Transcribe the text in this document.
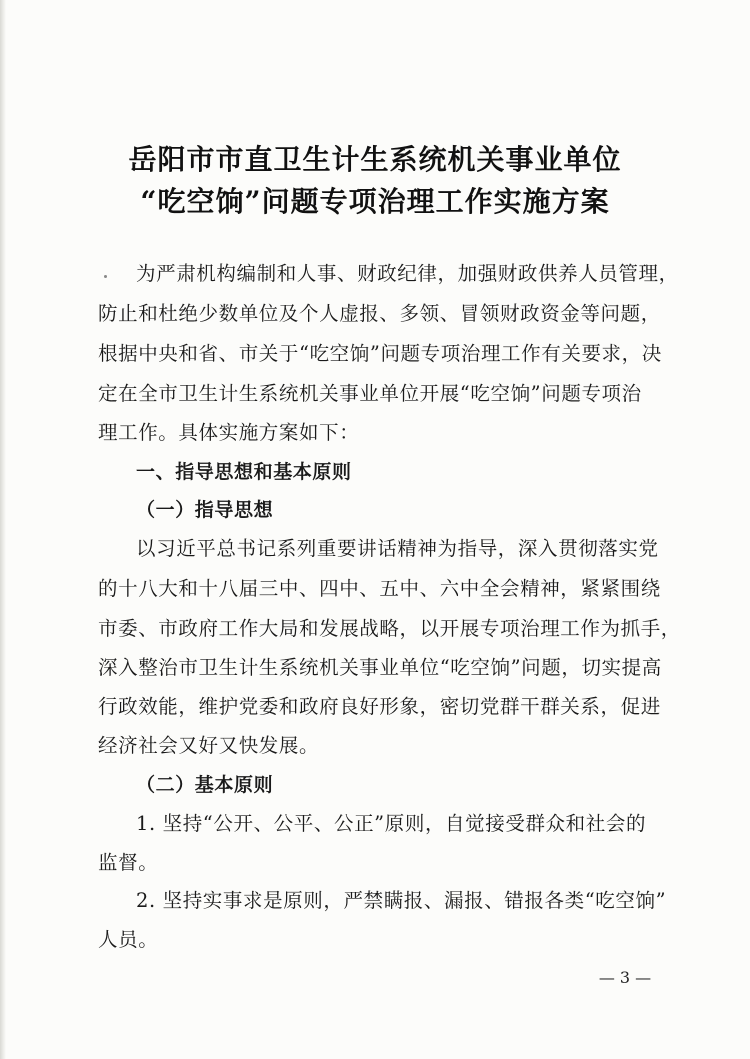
岳阳市市直卫生计生系统机关事业单位
“吃空饷”问题专项治理工作实施方案
为严肃机构编制和人事、财政纪律，加强财政供养人员管理，
防止和杜绝少数单位及个人虚报、多领、冒领财政资金等问题，
根据中央和省、市关于“吃空饷”问题专项治理工作有关要求，决
定在全市卫生计生系统机关事业单位开展“吃空饷”问题专项治
理工作。具体实施方案如下：
一、指导思想和基本原则
（一）指导思想
以习近平总书记系列重要讲话精神为指导，深入贯彻落实党
的十八大和十八届三中、四中、五中、六中全会精神，紧紧围绕
市委、市政府工作大局和发展战略，以开展专项治理工作为抓手，
深入整治市卫生计生系统机关事业单位“吃空饷”问题，切实提高
行政效能，维护党委和政府良好形象，密切党群干群关系，促进
经济社会又好又快发展。
（二）基本原则
1. 坚持“公开、公平、公正”原则，自觉接受群众和社会的
监督。
2. 坚持实事求是原则，严禁瞒报、漏报、错报各类“吃空饷”
人员。
— 3 —
